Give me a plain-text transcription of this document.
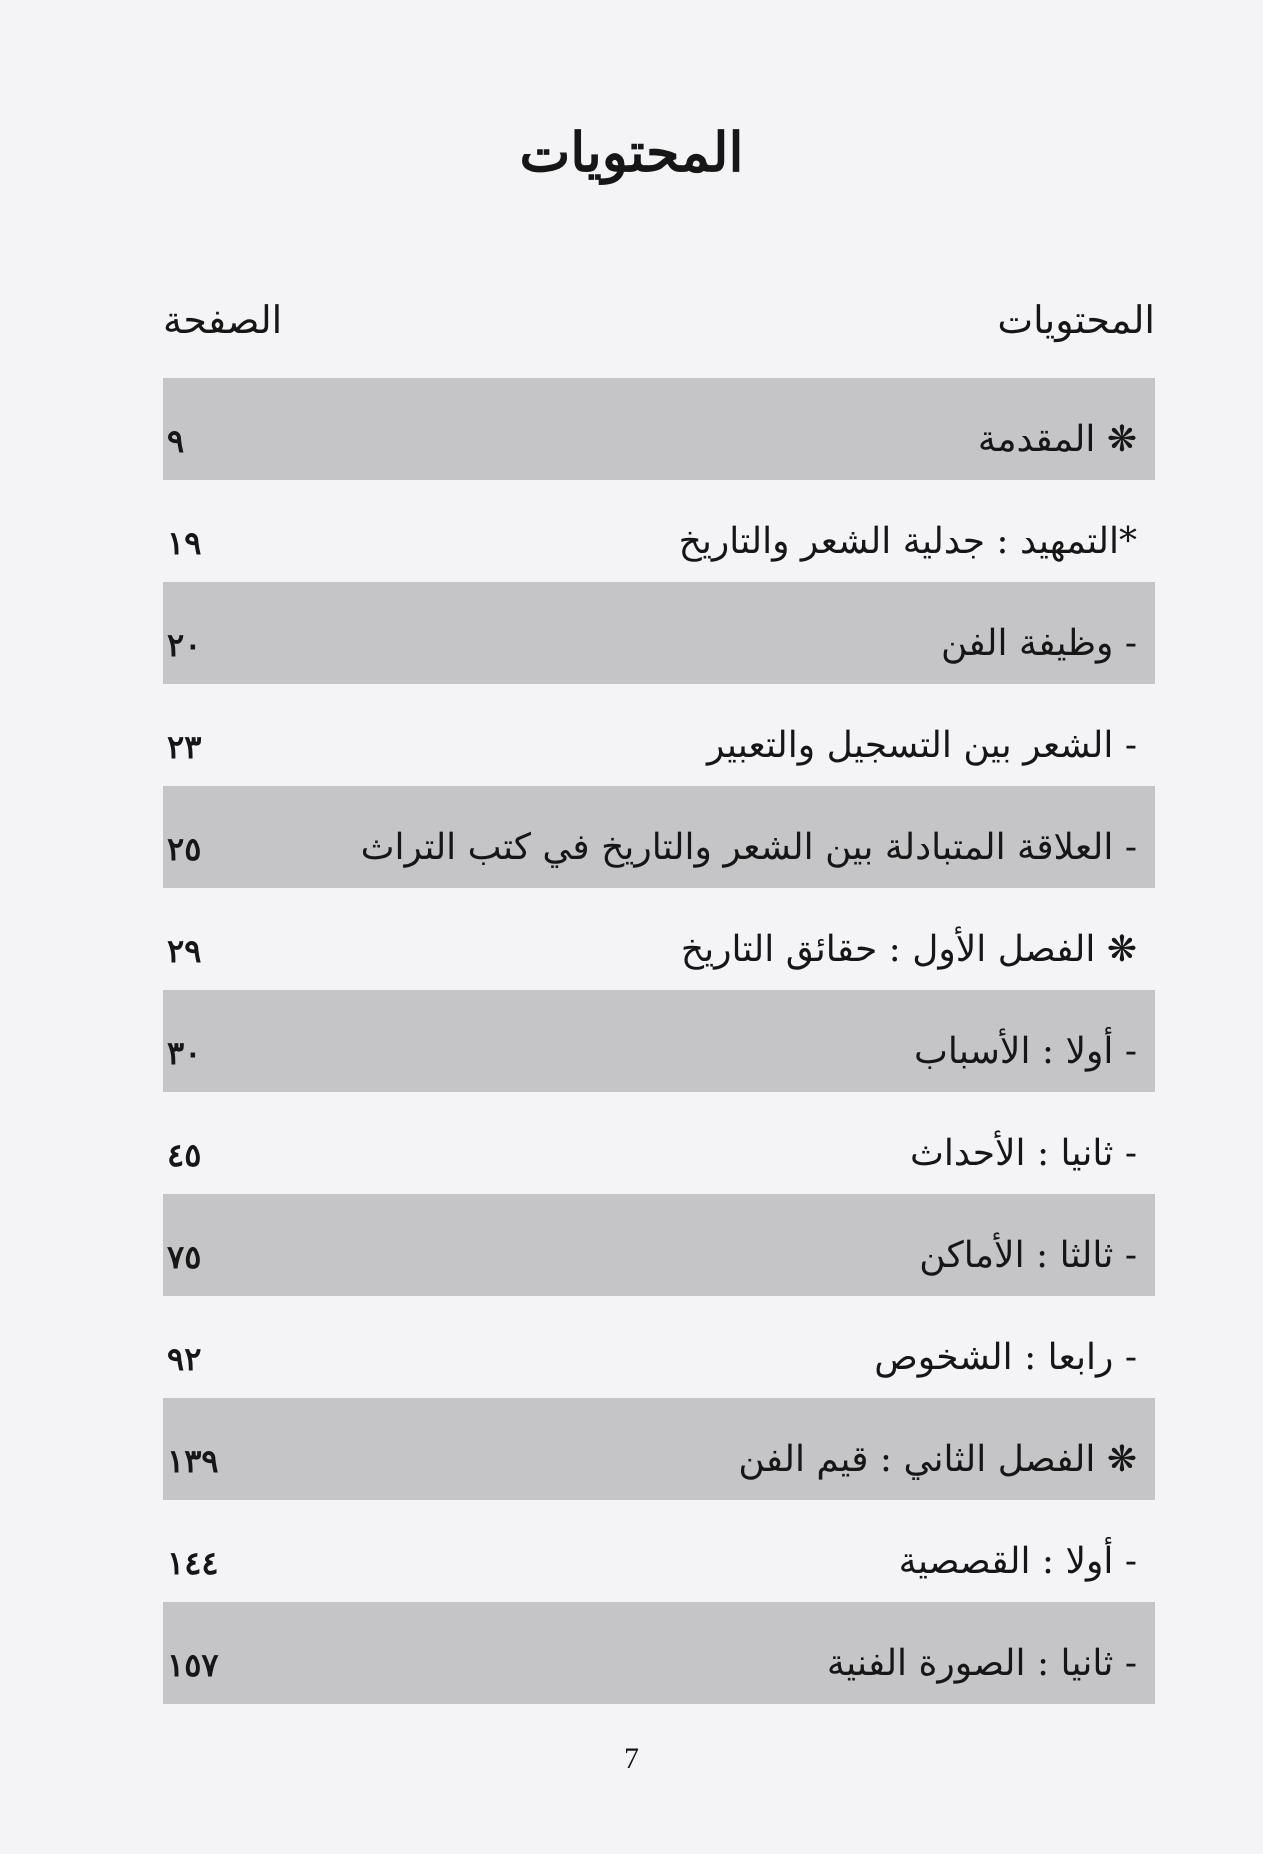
المحتويات
المحتويات
الصفحة
❋ المقدمة
٩
*التمهيد : جدلية الشعر والتاريخ
١٩
- وظيفة الفن
٢٠
- الشعر بين التسجيل والتعبير
٢٣
- العلاقة المتبادلة بين الشعر والتاريخ في كتب التراث
٢٥
❋ الفصل الأول : حقائق التاريخ
٢٩
- أولا : الأسباب
٣٠
- ثانيا : الأحداث
٤٥
- ثالثا : الأماكن
٧٥
- رابعا : الشخوص
٩٢
❋ الفصل الثاني : قيم الفن
١٣٩
- أولا : القصصية
١٤٤
- ثانيا : الصورة الفنية
١٥٧
7
